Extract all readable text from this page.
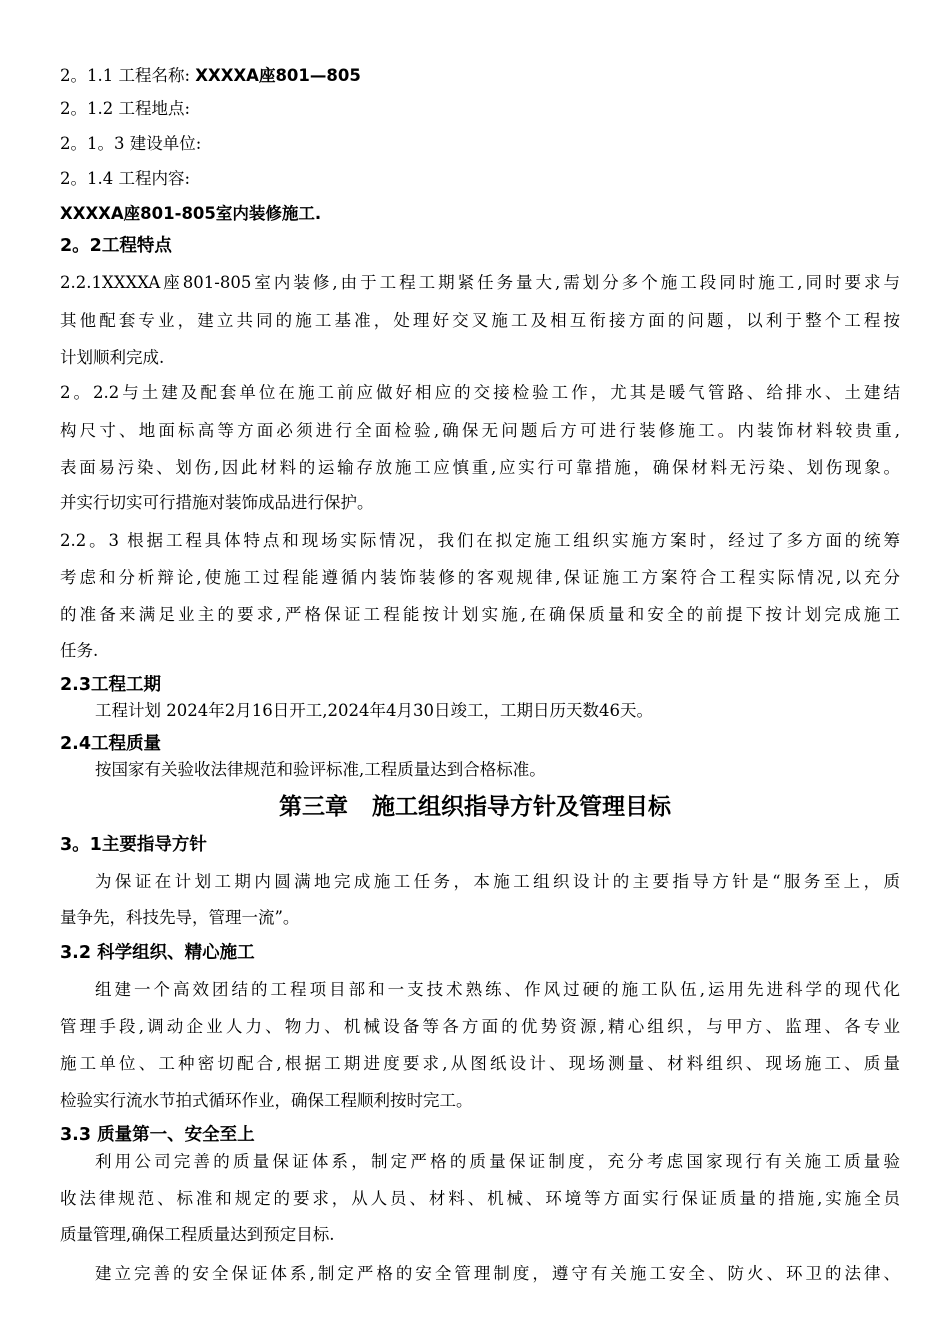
2。1.1 工程名称: XXXXA座801—805
2。1.2 工程地点:
2。1。3 建设单位:
2。1.4 工程内容:
XXXXA座801-805室内装修施工.
2。2工程特点
2.2.1XXXXA座801-805室内装修,由于工程工期紧任务量大,需划分多个施工段同时施工,同时要求与
其他配套专业，建立共同的施工基准，处理好交叉施工及相互衔接方面的问题，以利于整个工程按
计划顺利完成.
2。2.2与土建及配套单位在施工前应做好相应的交接检验工作，尤其是暖气管路、给排水、土建结
构尺寸、地面标高等方面必须进行全面检验,确保无问题后方可进行装修施工。内装饰材料较贵重,
表面易污染、划伤,因此材料的运输存放施工应慎重,应实行可靠措施，确保材料无污染、划伤现象。
并实行切实可行措施对装饰成品进行保护。
2.2。3 根据工程具体特点和现场实际情况，我们在拟定施工组织实施方案时，经过了多方面的统筹
考虑和分析辩论,使施工过程能遵循内装饰装修的客观规律,保证施工方案符合工程实际情况,以充分
的准备来满足业主的要求,严格保证工程能按计划实施,在确保质量和安全的前提下按计划完成施工
任务.
2.3工程工期
工程计划 2024年2月16日开工,2024年4月30日竣工，工期日历天数46天。
2.4工程质量
按国家有关验收法律规范和验评标准,工程质量达到合格标准。
第三章   施工组织指导方针及管理目标
3。1主要指导方针
为保证在计划工期内圆满地完成施工任务，本施工组织设计的主要指导方针是“服务至上，质
量争先，科技先导，管理一流”。
3.2 科学组织、精心施工
组建一个高效团结的工程项目部和一支技术熟练、作风过硬的施工队伍,运用先进科学的现代化
管理手段,调动企业人力、物力、机械设备等各方面的优势资源,精心组织，与甲方、监理、各专业
施工单位、工种密切配合,根据工期进度要求,从图纸设计、现场测量、材料组织、现场施工、质量
检验实行流水节拍式循环作业，确保工程顺利按时完工。
3.3 质量第一、安全至上
利用公司完善的质量保证体系，制定严格的质量保证制度，充分考虑国家现行有关施工质量验
收法律规范、标准和规定的要求，从人员、材料、机械、环境等方面实行保证质量的措施,实施全员
质量管理,确保工程质量达到预定目标.
建立完善的安全保证体系,制定严格的安全管理制度，遵守有关施工安全、防火、环卫的法律、
